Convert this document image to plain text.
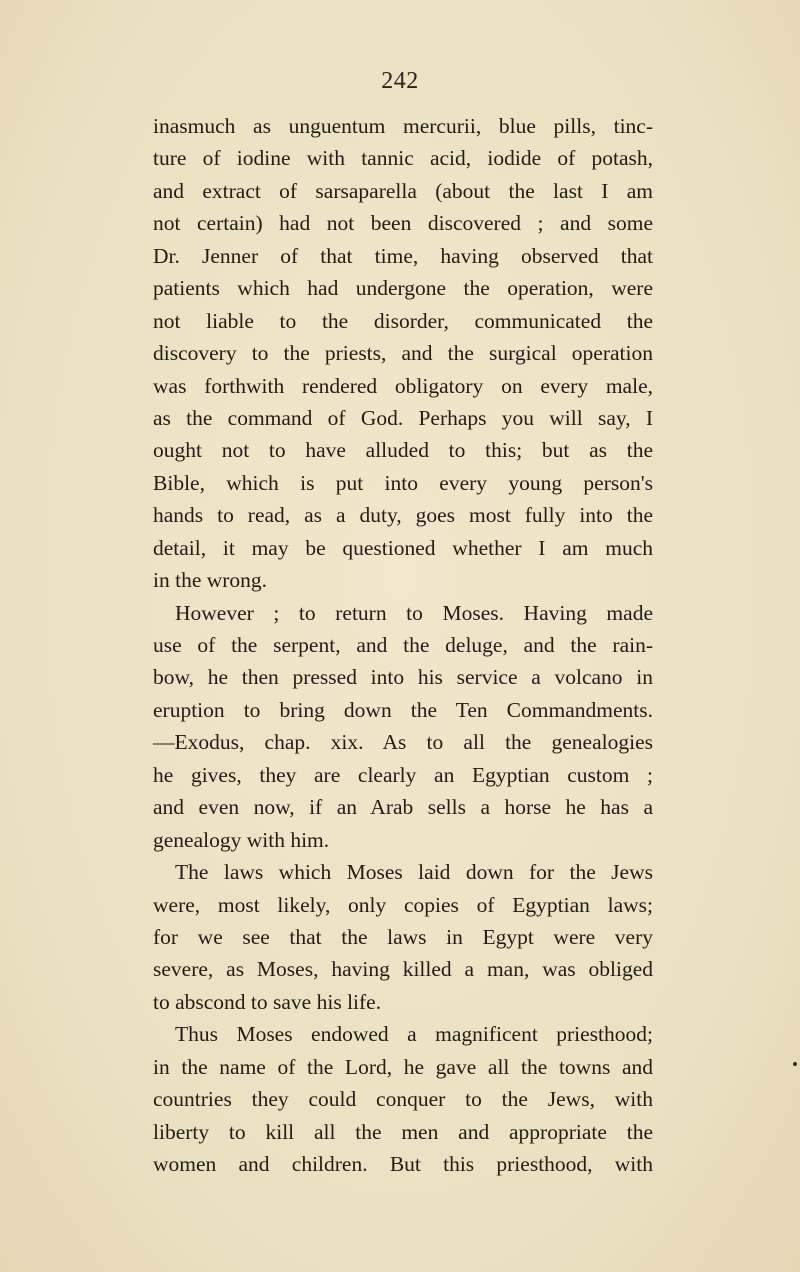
242
inasmuch as unguentum mercurii, blue pills, tinc-
ture of iodine with tannic acid, iodide of potash,
and extract of sarsaparella (about the last I am
not certain) had not been discovered ; and some
Dr. Jenner of that time, having observed that
patients which had undergone the operation, were
not liable to the disorder, communicated the
discovery to the priests, and the surgical operation
was forthwith rendered obligatory on every male,
as the command of God. Perhaps you will say, I
ought not to have alluded to this; but as the
Bible, which is put into every young person's
hands to read, as a duty, goes most fully into the
detail, it may be questioned whether I am much
in the wrong.
However ; to return to Moses. Having made
use of the serpent, and the deluge, and the rain-
bow, he then pressed into his service a volcano in
eruption to bring down the Ten Commandments.
—Exodus, chap. xix. As to all the genealogies
he gives, they are clearly an Egyptian custom ;
and even now, if an Arab sells a horse he has a
genealogy with him.
The laws which Moses laid down for the Jews
were, most likely, only copies of Egyptian laws;
for we see that the laws in Egypt were very
severe, as Moses, having killed a man, was obliged
to abscond to save his life.
Thus Moses endowed a magnificent priesthood;
in the name of the Lord, he gave all the towns and
countries they could conquer to the Jews, with
liberty to kill all the men and appropriate the
women and children. But this priesthood, with
